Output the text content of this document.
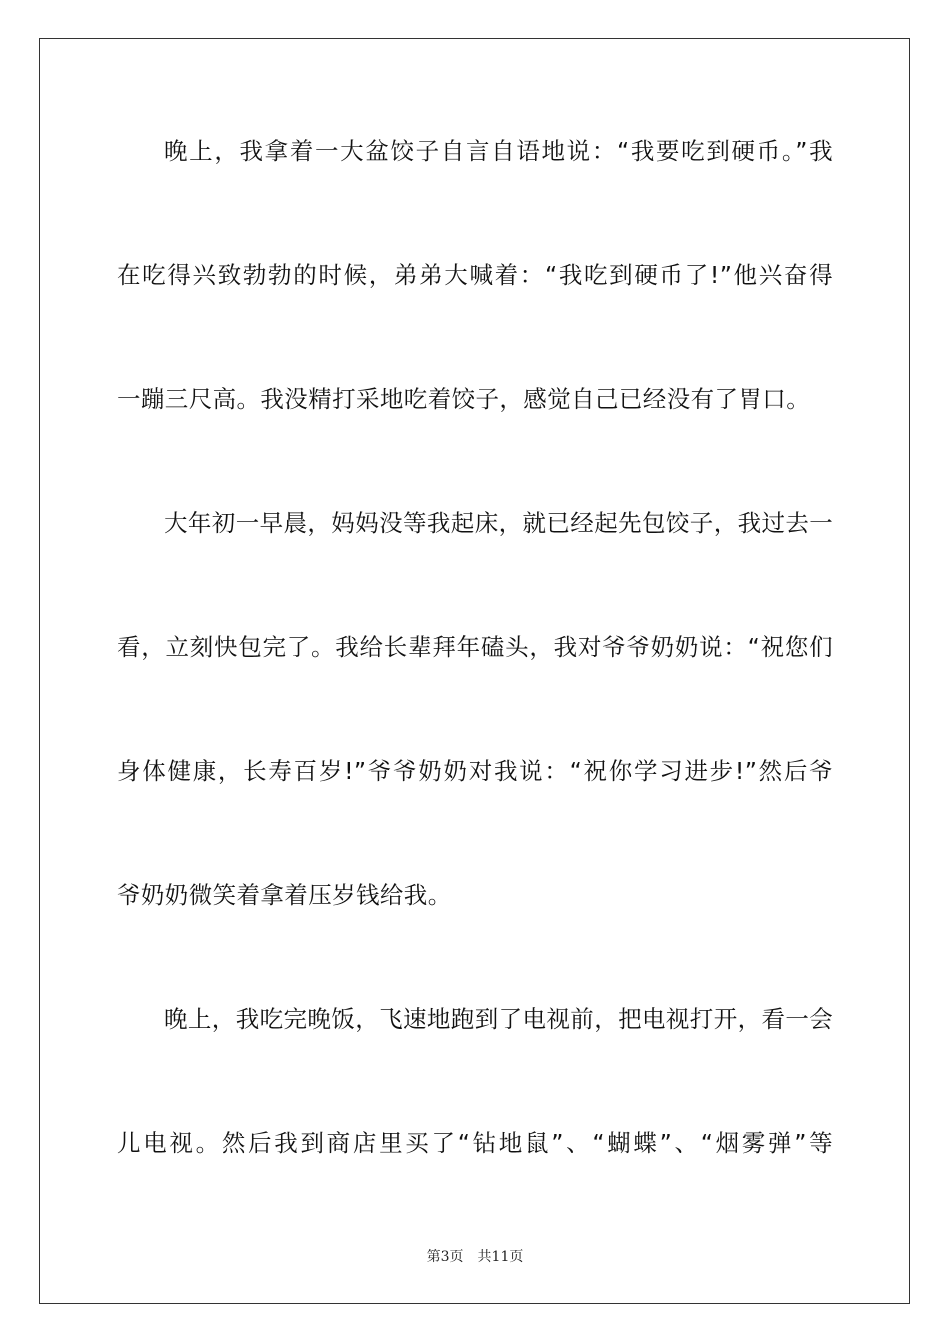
晚上，我拿着一大盆饺子自言自语地说：“我要吃到硬币。”我
在吃得兴致勃勃的时候，弟弟大喊着：“我吃到硬币了!”他兴奋得
一蹦三尺高。我没精打采地吃着饺子，感觉自己已经没有了胃口。
大年初一早晨，妈妈没等我起床，就已经起先包饺子，我过去一
看，立刻快包完了。我给长辈拜年磕头，我对爷爷奶奶说：“祝您们
身体健康，长寿百岁!”爷爷奶奶对我说：“祝你学习进步!”然后爷
爷奶奶微笑着拿着压岁钱给我。
晚上，我吃完晚饭，飞速地跑到了电视前，把电视打开，看一会
儿电视。然后我到商店里买了“钻地鼠”、“蝴蝶”、“烟雾弹”等
第3页 共11页
